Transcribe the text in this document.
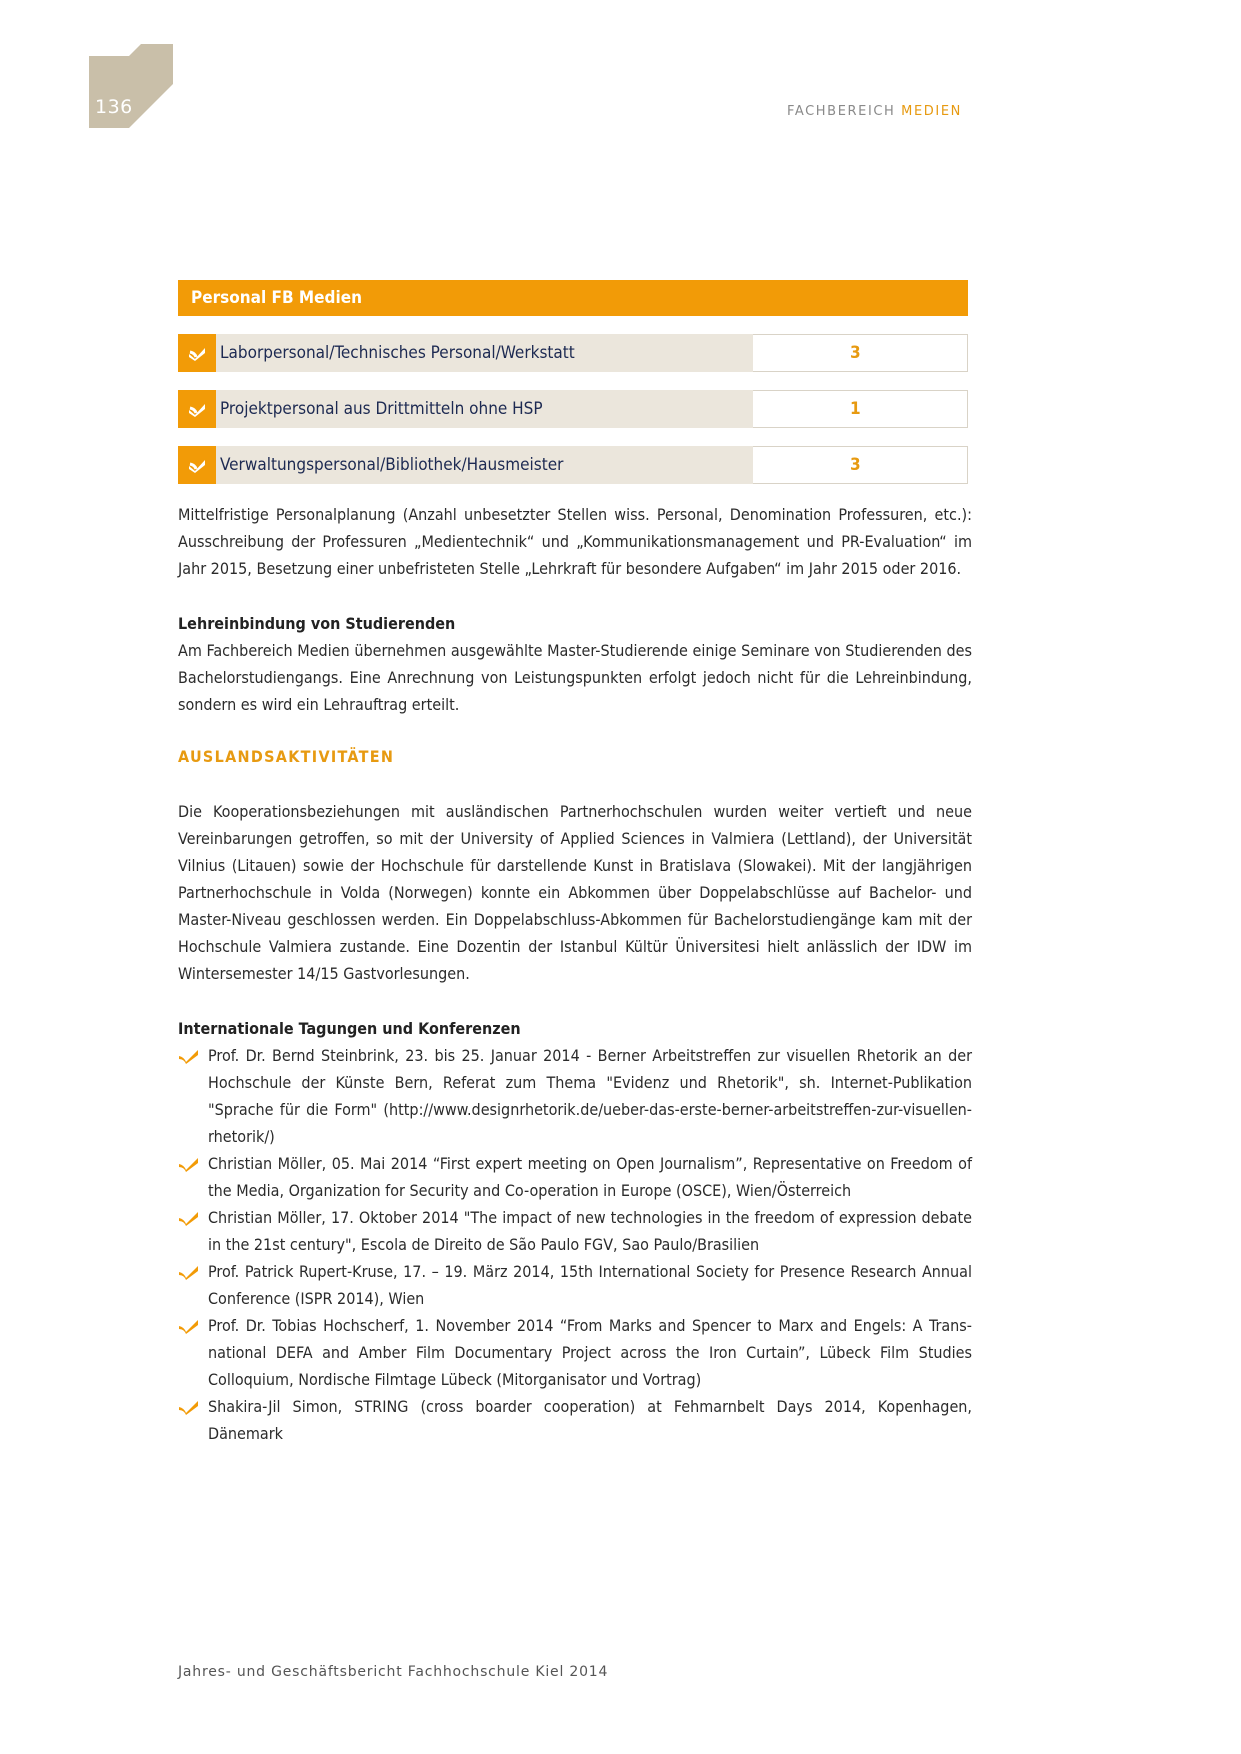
136	FACHBEREICH MEDIEN
Personal FB Medien
Laborpersonal/Technisches Personal/Werkstatt	3
Projektpersonal aus Drittmitteln ohne HSP	1
Verwaltungspersonal/Bibliothek/Hausmeister	3

Mittelfristige Personalplanung (Anzahl unbesetzter Stellen wiss. Personal, Denomination Professuren, etc.): Ausschreibung der Professuren „Medientechnik“ und „Kommunikationsmanagement und PR-Evaluation“ im Jahr 2015, Besetzung einer unbefristeten Stelle „Lehrkraft für besondere Aufgaben“ im Jahr 2015 oder 2016.

Lehreinbindung von Studierenden

Am Fachbereich Medien übernehmen ausgewählte Master-Studierende einige Seminare von Studierenden des Bachelorstudiengangs. Eine Anrechnung von Leistungspunkten erfolgt jedoch nicht für die Lehreinbindung, sondern es wird ein Lehrauftrag erteilt.

AUSLANDSAKTIVITÄTEN

Die Kooperationsbeziehungen mit ausländischen Partnerhochschulen wurden weiter vertieft und neue Vereinbarungen getroffen, so mit der University of Applied Sciences in Valmiera (Lettland), der Universität Vilnius (Litauen) sowie der Hochschule für darstellende Kunst in Bratislava (Slowakei). Mit der langjährigen Partnerhochschule in Volda (Norwegen) konnte ein Abkommen über Doppelabschlüsse auf Bachelor- und Master-Niveau geschlossen werden. Ein Doppelabschluss-Abkommen für Bachelorstudiengänge kam mit der Hochschule Valmiera zustande. Eine Dozentin der Istanbul Kültür Üniversitesi hielt anlässlich der IDW im Wintersemester 14/15 Gastvorlesungen.

Internationale Tagungen und Konferenzen

Prof. Dr. Bernd Steinbrink, 23. bis 25. Januar 2014 - Berner Arbeitstreffen zur visuellen Rhetorik an der Hochschule der Künste Bern, Referat zum Thema "Evidenz und Rhetorik", sh. Internet-Publikation "Sprache für die Form" (http://www.designrhetorik.de/ueber-das-erste-berner-arbeitstreffen-zur-visuellen-rhetorik/)
Christian Möller, 05. Mai 2014 “First expert meeting on Open Journalism”, Representative on Freedom of the Media, Organization for Security and Co-operation in Europe (OSCE), Wien/Österreich
Christian Möller, 17. Oktober 2014 "The impact of new technologies in the freedom of expression debate in the 21st century", Escola de Direito de São Paulo FGV, Sao Paulo/Brasilien
Prof. Patrick Rupert-Kruse, 17. – 19. März 2014, 15th International Society for Presence Research Annual Conference (ISPR 2014), Wien
Prof. Dr. Tobias Hochscherf, 1. November 2014 “From Marks and Spencer to Marx and Engels: A Trans-national DEFA and Amber Film Documentary Project across the Iron Curtain”, Lübeck Film Studies Colloquium, Nordische Filmtage Lübeck (Mitorganisator und Vortrag)
Shakira-Jil Simon, STRING (cross boarder cooperation) at Fehmarnbelt Days 2014, Kopenhagen, Dänemark
Jahres- und Geschäftsbericht Fachhochschule Kiel 2014
